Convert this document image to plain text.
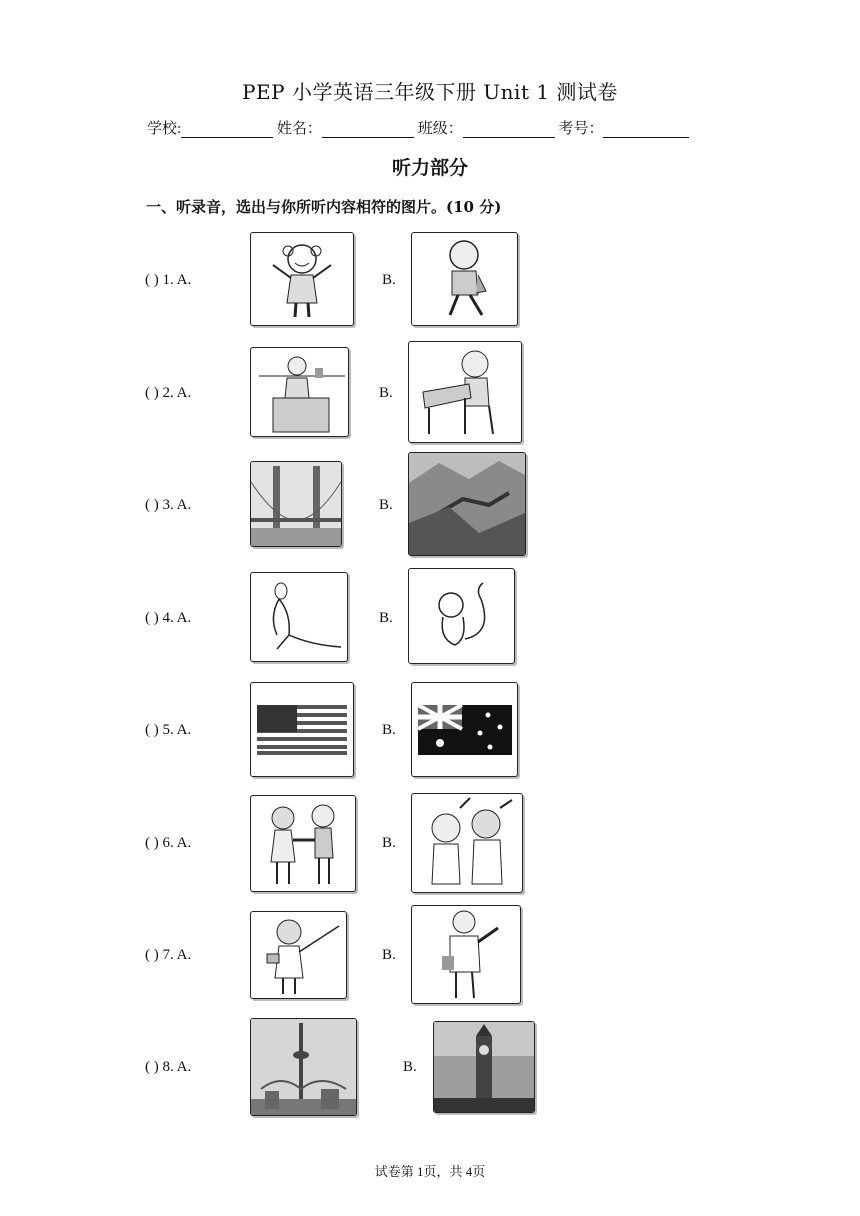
PEP 小学英语三年级下册 Unit 1 测试卷
学校:	姓名：	班级：	考号：
听力部分
一、听录音，选出与你所听内容相符的图片。(10 分)
( ) 1. A.	B.
( ) 2. A.	B.
( ) 3. A.	B.
( ) 4. A.	B.
( ) 5. A.	B.
( ) 6. A.	B.
( ) 7. A.	B.
( ) 8. A.	B.
试卷第 1页，共 4页
